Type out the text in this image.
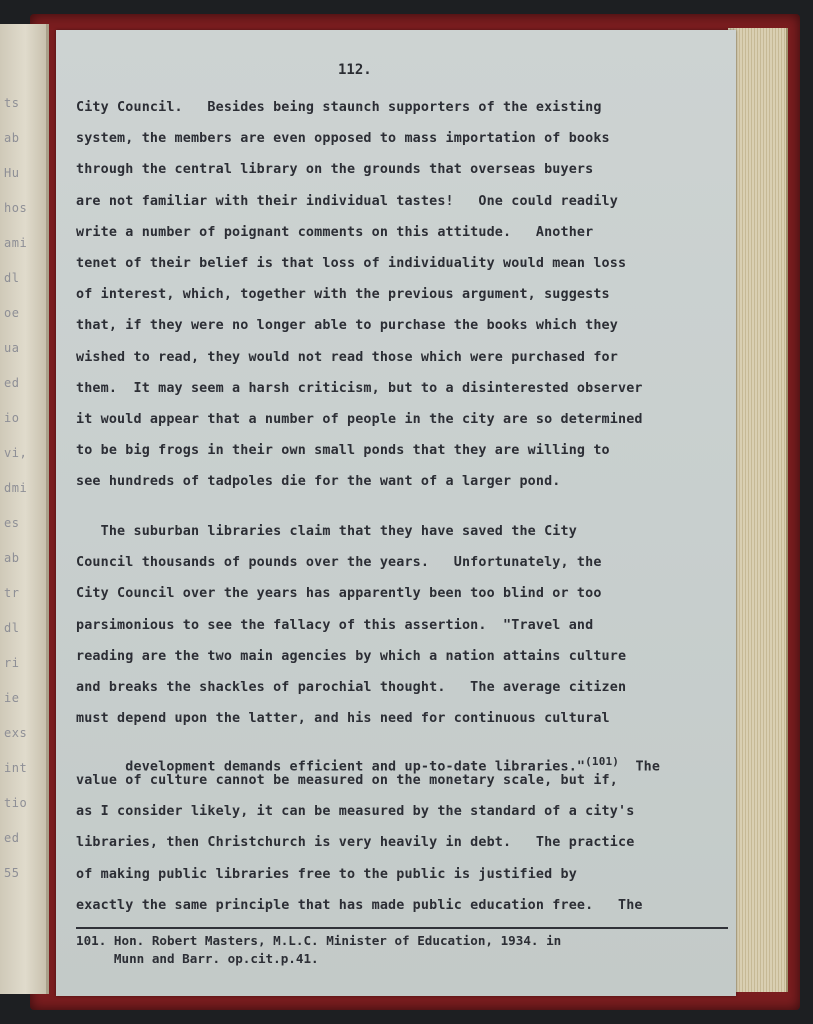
ts
ab
Hu
hos
ami
dl
oe
ua
ed
io
vi,
dmi
es
ab
tr
dl
ri
ie
exs
int
tio
ed
55
112.
City Council.   Besides being staunch supporters of the existing
system, the members are even opposed to mass importation of books
through the central library on the grounds that overseas buyers
are not familiar with their individual tastes!   One could readily
write a number of poignant comments on this attitude.   Another
tenet of their belief is that loss of individuality would mean loss
of interest, which, together with the previous argument, suggests
that, if they were no longer able to purchase the books which they
wished to read, they would not read those which were purchased for
them.  It may seem a harsh criticism, but to a disinterested observer
it would appear that a number of people in the city are so determined
to be big frogs in their own small ponds that they are willing to
see hundreds of tadpoles die for the want of a larger pond.
The suburban libraries claim that they have saved the City
Council thousands of pounds over the years.   Unfortunately, the
City Council over the years has apparently been too blind or too
parsimonious to see the fallacy of this assertion.  "Travel and
reading are the two main agencies by which a nation attains culture
and breaks the shackles of parochial thought.   The average citizen
must depend upon the latter, and his need for continuous cultural

development demands efficient and up-to-date libraries."$^{(101)}$  The

value of culture cannot be measured on the monetary scale, but if,
as I consider likely, it can be measured by the standard of a city's
libraries, then Christchurch is very heavily in debt.   The practice
of making public libraries free to the public is justified by
exactly the same principle that has made public education free.   The
101. Hon. Robert Masters, M.L.C. Minister of Education, 1934. in
Munn and Barr. op.cit.p.41.
